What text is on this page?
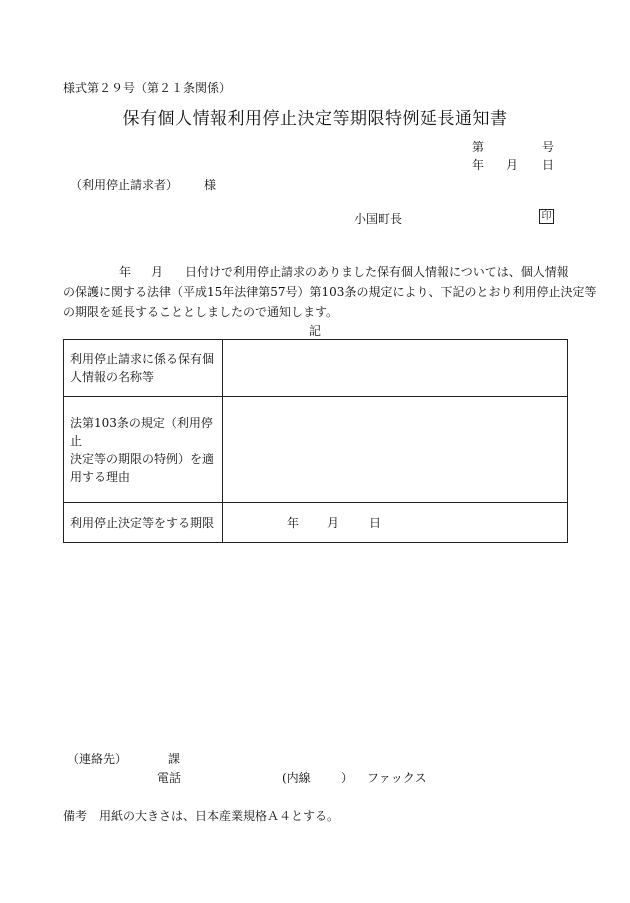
様式第２９号（第２１条関係）
保有個人情報利用停止決定等期限特例延長通知書
第	号
年 月 日
（利用停止請求者） 様
小国町長	印

年 月 日付けで利用停止請求のありました保有個人情報については、個人情報

の保護に関する法律（平成15年法律第57号）第103条の規定により、下記のとおり利用停止決定等

の期限を延長することとしましたので通知します。

記
利用停止請求に係る保有個
人情報の名称等	

法第103条の規定（利用停止
決定等の期限の特例）を適
用する理由	

利用停止決定等をする期限	年 月 日
（連絡先）	課
電話	(内線	） ファックス
備考　用紙の大きさは、日本産業規格Ａ４とする。
